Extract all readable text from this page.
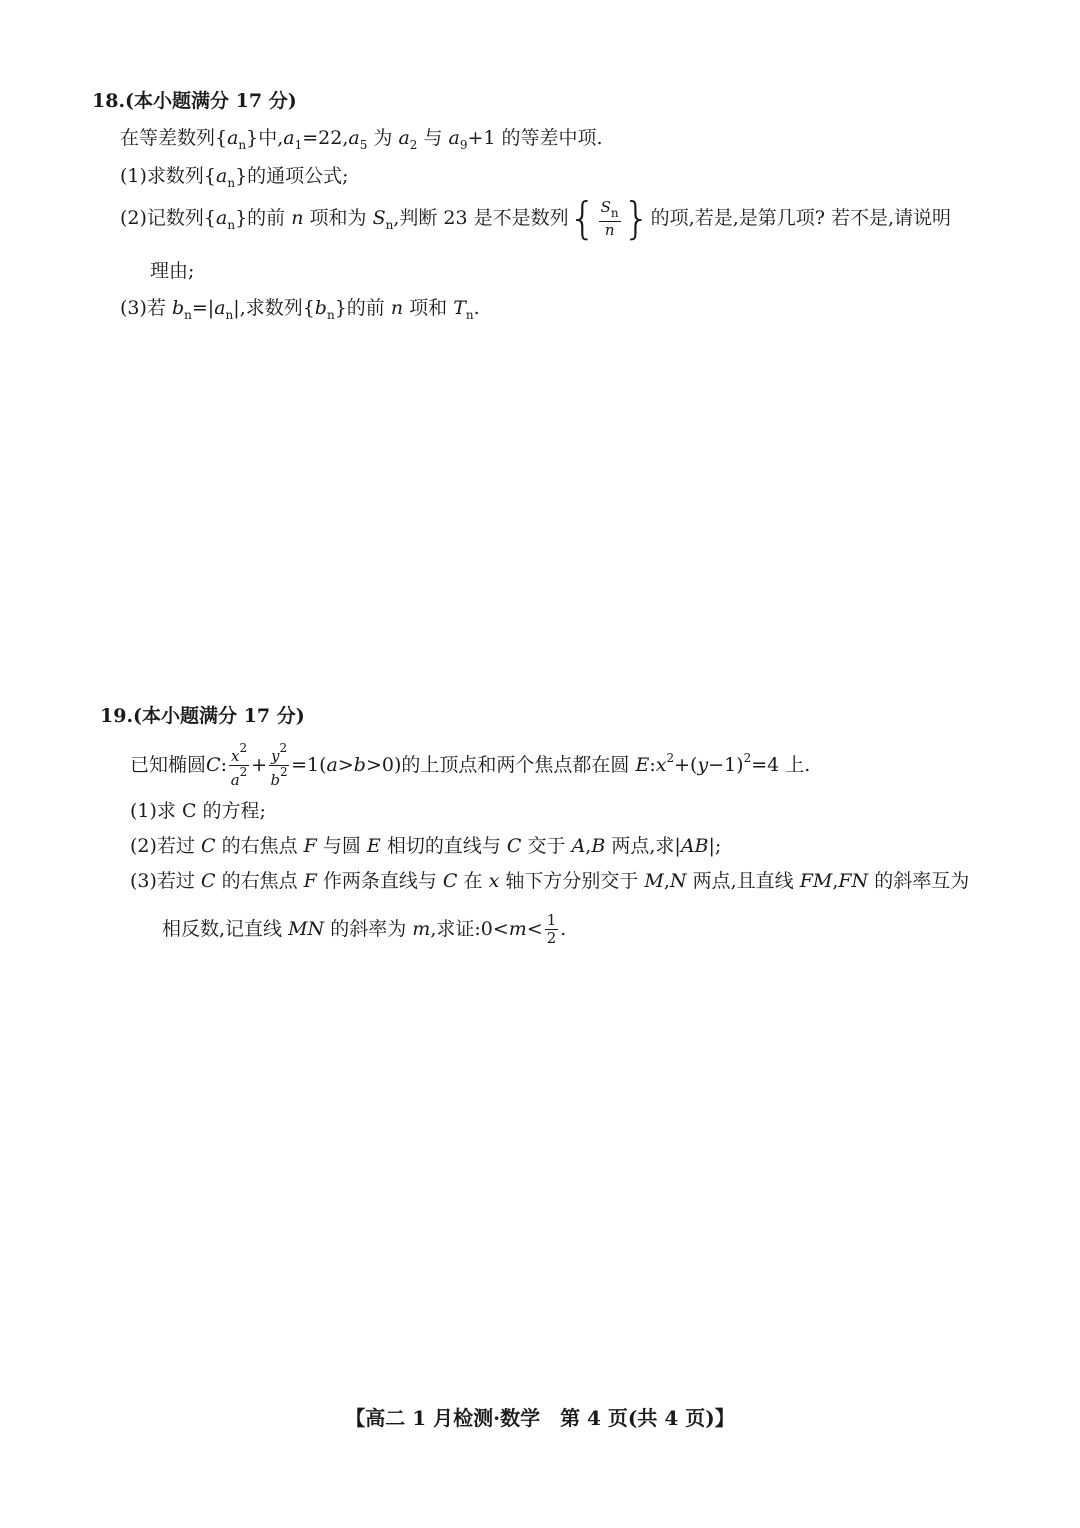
18.(本小题满分 17 分)
在等差数列$\{a_n\}$中$,a_1=22,a_5$ 为 $a_2$ 与 $a_9+1$ 的等差中项.
(1)求数列$\{a_n\}$的通项公式;
(2)记数列$\{a_n\}$的前 n 项和为 $S_n$,判断 23 是不是数列{ $\frac{S_n}{n}$ }的项,若是,是第几项? 若不是,请说明
理由;
(3)若 $b_n=|a_n|$,求数列$\{b_n\}$的前 n 项和 $T_n$.
19.(本小题满分 17 分)
已知椭圆C: $\frac{x^2}{a^2} + \frac{y^2}{b^2} =1(a>b>0)$的上顶点和两个焦点都在圆 $E:x^2+(y-1)^2=4$ 上.
(1)求 C 的方程;
(2)若过 C 的右焦点 F 与圆 E 相切的直线与 C 交于 A,B 两点,求|AB|;
(3)若过 C 的右焦点 F 作两条直线与 C 在 x 轴下方分别交于 M,N 两点,且直线 FM,FN 的斜率互为
相反数,记直线 MN 的斜率为 m,求证:0<m< $\frac{1}{2}$ .
【高二 1 月检测·数学　第 4 页(共 4 页)】
